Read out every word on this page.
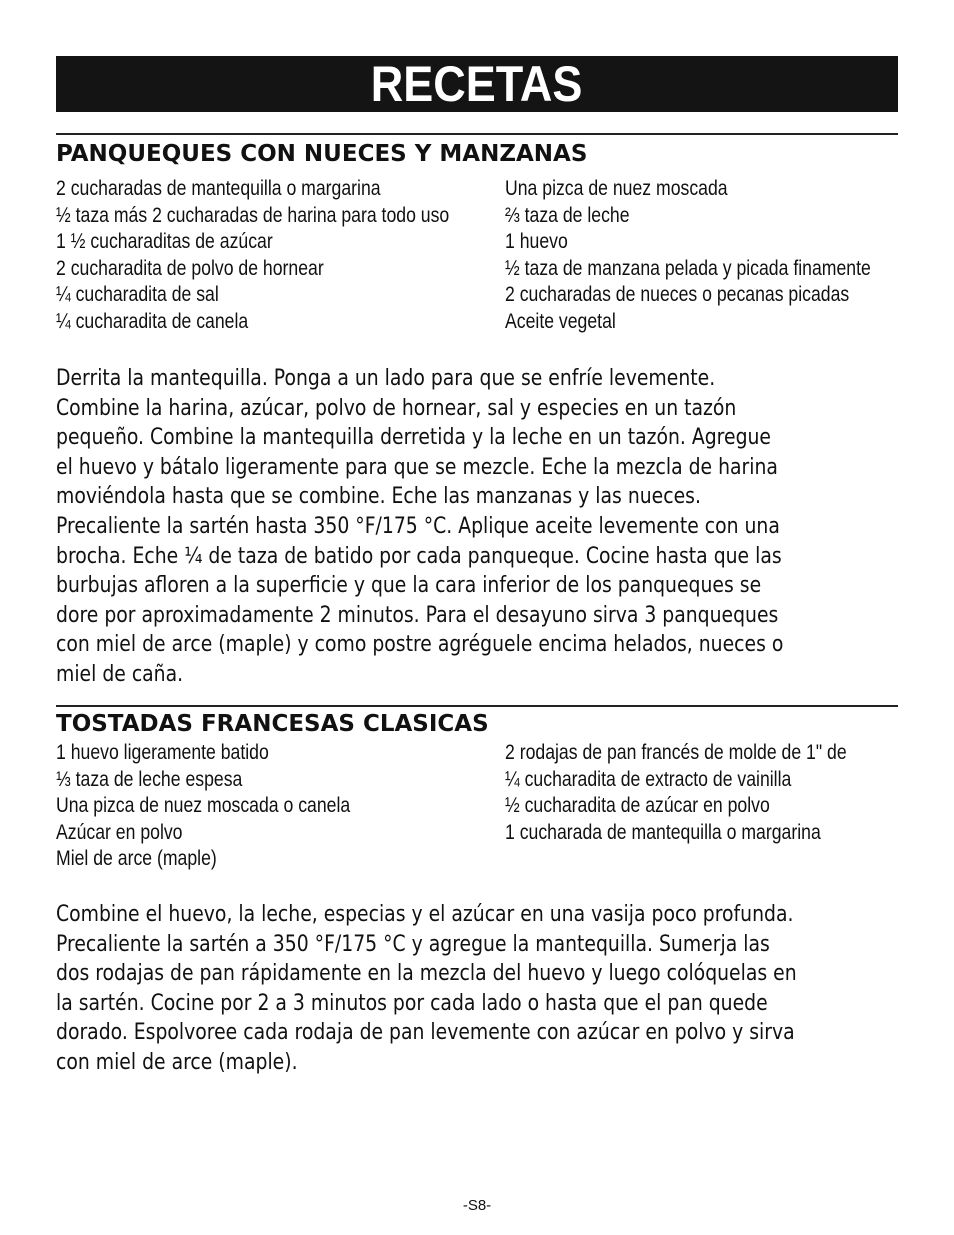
RECETAS
PANQUEQUES CON NUECES Y MANZANAS
2 cucharadas de mantequilla o margarina
½ taza más 2 cucharadas de harina para todo uso
1 ½ cucharaditas de azúcar
2 cucharadita de polvo de hornear
¼ cucharadita de sal
¼ cucharadita de canela
Una pizca de nuez moscada
⅔ taza de leche
1 huevo
½ taza de manzana pelada y picada finamente
2 cucharadas de nueces o pecanas picadas
Aceite vegetal
Derrita la mantequilla. Ponga a un lado para que se enfríe levemente.
Combine la harina, azúcar, polvo de hornear, sal y especies en un tazón
pequeño. Combine la mantequilla derretida y la leche en un tazón. Agregue
el huevo y bátalo ligeramente para que se mezcle. Eche la mezcla de harina
moviéndola hasta que se combine. Eche las manzanas y las nueces.
Precaliente la sartén hasta 350 °F/175 °C. Aplique aceite levemente con una
brocha. Eche ¼ de taza de batido por cada panqueque. Cocine hasta que las
burbujas afloren a la superficie y que la cara inferior de los panqueques se
dore por aproximadamente 2 minutos. Para el desayuno sirva 3 panqueques
con miel de arce (maple) y como postre agréguele encima helados, nueces o
miel de caña.
TOSTADAS FRANCESAS CLASICAS
1 huevo ligeramente batido
⅓ taza de leche espesa
Una pizca de nuez moscada o canela
Azúcar en polvo
Miel de arce (maple)
2 rodajas de pan francés de molde de 1" de
¼ cucharadita de extracto de vainilla
½ cucharadita de azúcar en polvo
1 cucharada de mantequilla o margarina
Combine el huevo, la leche, especias y el azúcar en una vasija poco profunda.
Precaliente la sartén a 350 °F/175 °C y agregue la mantequilla. Sumerja las
dos rodajas de pan rápidamente en la mezcla del huevo y luego colóquelas en
la sartén. Cocine por 2 a 3 minutos por cada lado o hasta que el pan quede
dorado. Espolvoree cada rodaja de pan levemente con azúcar en polvo y sirva
con miel de arce (maple).
-S8-
